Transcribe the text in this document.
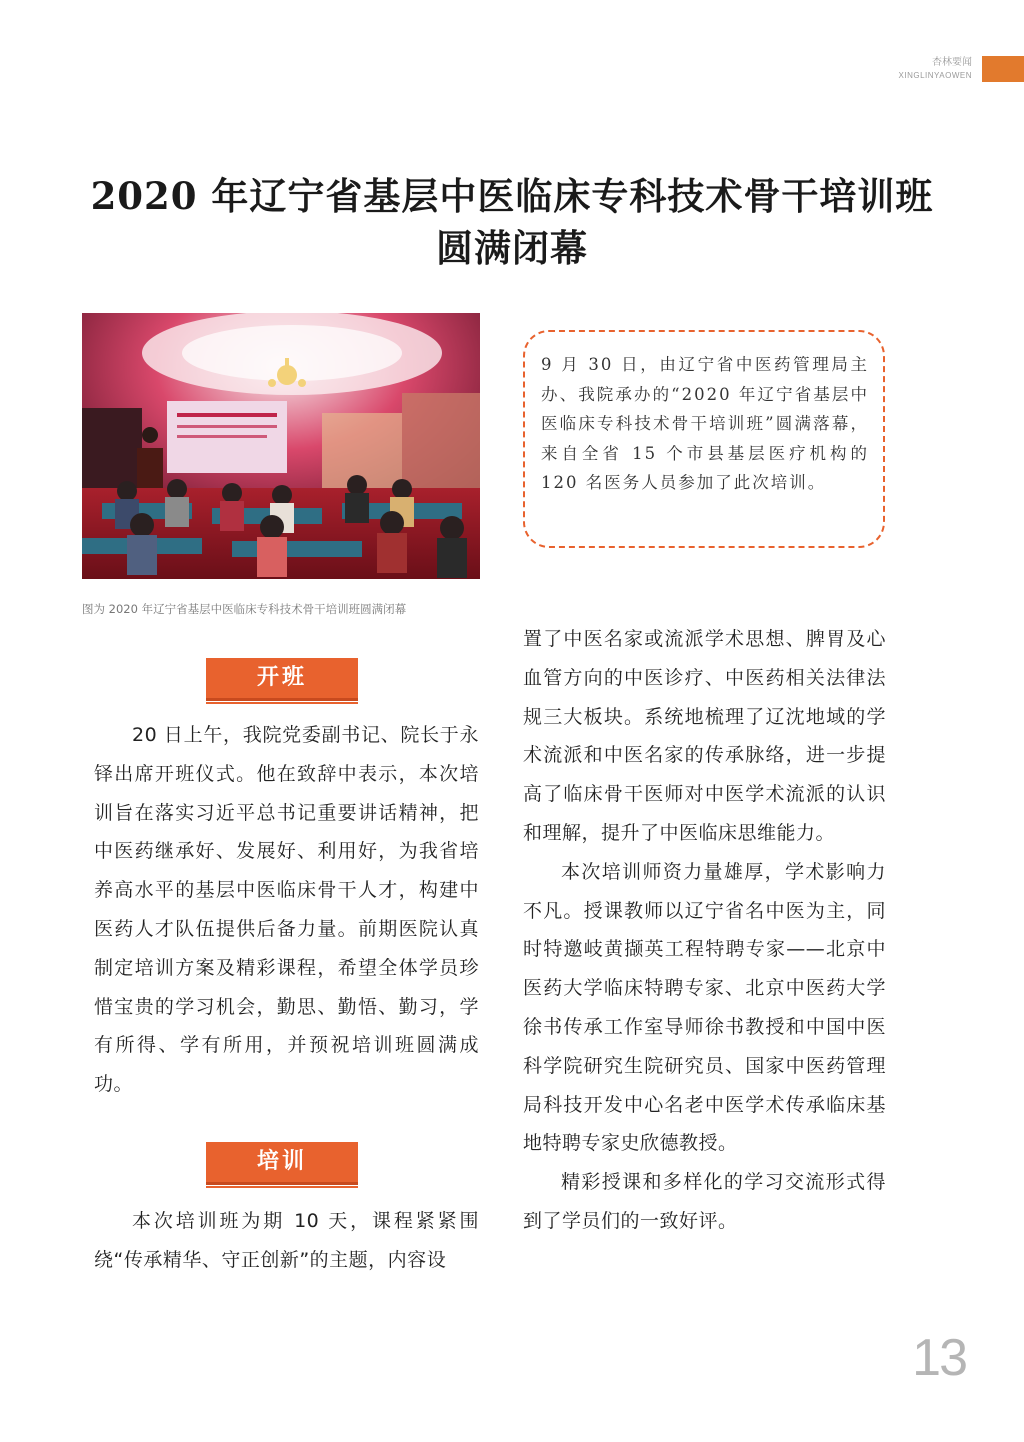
杏林要闻
XINGLINYAOWEN
2020 年辽宁省基层中医临床专科技术骨干培训班
圆满闭幕
图为 2020 年辽宁省基层中医临床专科技术骨干培训班圆满闭幕
9 月 30 日，由辽宁省中医药管理局主办、我院承办的“2020 年辽宁省基层中医临床专科技术骨干培训班”圆满落幕，来自全省 15 个市县基层医疗机构的 120 名医务人员参加了此次培训。
开班

20 日上午，我院党委副书记、院长于永铎出席开班仪式。他在致辞中表示，本次培训旨在落实习近平总书记重要讲话精神，把中医药继承好、发展好、利用好，为我省培养高水平的基层中医临床骨干人才，构建中医药人才队伍提供后备力量。前期医院认真制定培训方案及精彩课程，希望全体学员珍惜宝贵的学习机会，勤思、勤悟、勤习，学有所得、学有所用，并预祝培训班圆满成功。

培训

本次培训班为期 10 天，课程紧紧围绕“传承精华、守正创新”的主题，内容设

置了中医名家或流派学术思想、脾胃及心血管方向的中医诊疗、中医药相关法律法规三大板块。系统地梳理了辽沈地域的学术流派和中医名家的传承脉络，进一步提高了临床骨干医师对中医学术流派的认识和理解，提升了中医临床思维能力。

本次培训师资力量雄厚，学术影响力不凡。授课教师以辽宁省名中医为主，同时特邀岐黄撷英工程特聘专家——北京中医药大学临床特聘专家、北京中医药大学徐书传承工作室导师徐书教授和中国中医科学院研究生院研究员、国家中医药管理局科技开发中心名老中医学术传承临床基地特聘专家史欣德教授。

精彩授课和多样化的学习交流形式得到了学员们的一致好评。

13
